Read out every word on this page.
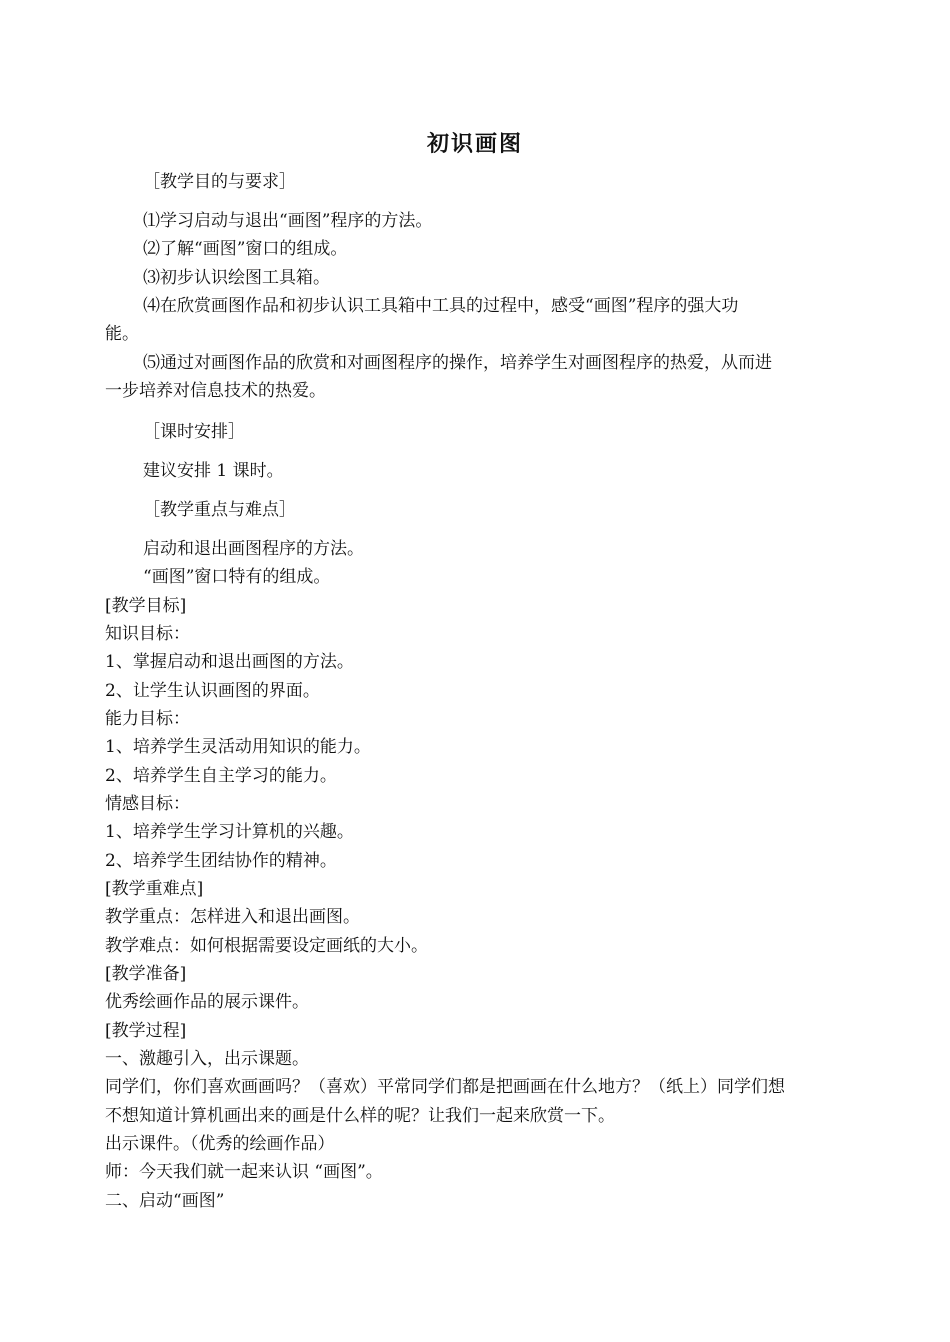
初识画图
［教学目的与要求］
⑴学习启动与退出“画图”程序的方法。
⑵了解“画图”窗口的组成。
⑶初步认识绘图工具箱。
⑷在欣赏画图作品和初步认识工具箱中工具的过程中，感受“画图”程序的强大功
能。
⑸通过对画图作品的欣赏和对画图程序的操作，培养学生对画图程序的热爱，从而进
一步培养对信息技术的热爱。
［课时安排］
建议安排 1 课时。
［教学重点与难点］
启动和退出画图程序的方法。
“画图”窗口特有的组成。
[教学目标]
知识目标：
1、掌握启动和退出画图的方法。
2、让学生认识画图的界面。
能力目标：
1、培养学生灵活动用知识的能力。
2、培养学生自主学习的能力。
情感目标：
1、培养学生学习计算机的兴趣。
2、培养学生团结协作的精神。
[教学重难点]
教学重点：怎样进入和退出画图。
教学难点：如何根据需要设定画纸的大小。
[教学准备]
优秀绘画作品的展示课件。
[教学过程]
一、激趣引入，出示课题。
同学们，你们喜欢画画吗？（喜欢）平常同学们都是把画画在什么地方？（纸上）同学们想
不想知道计算机画出来的画是什么样的呢？让我们一起来欣赏一下。
出示课件。（优秀的绘画作品）
师：今天我们就一起来认识 “画图”。
二、启动“画图”
